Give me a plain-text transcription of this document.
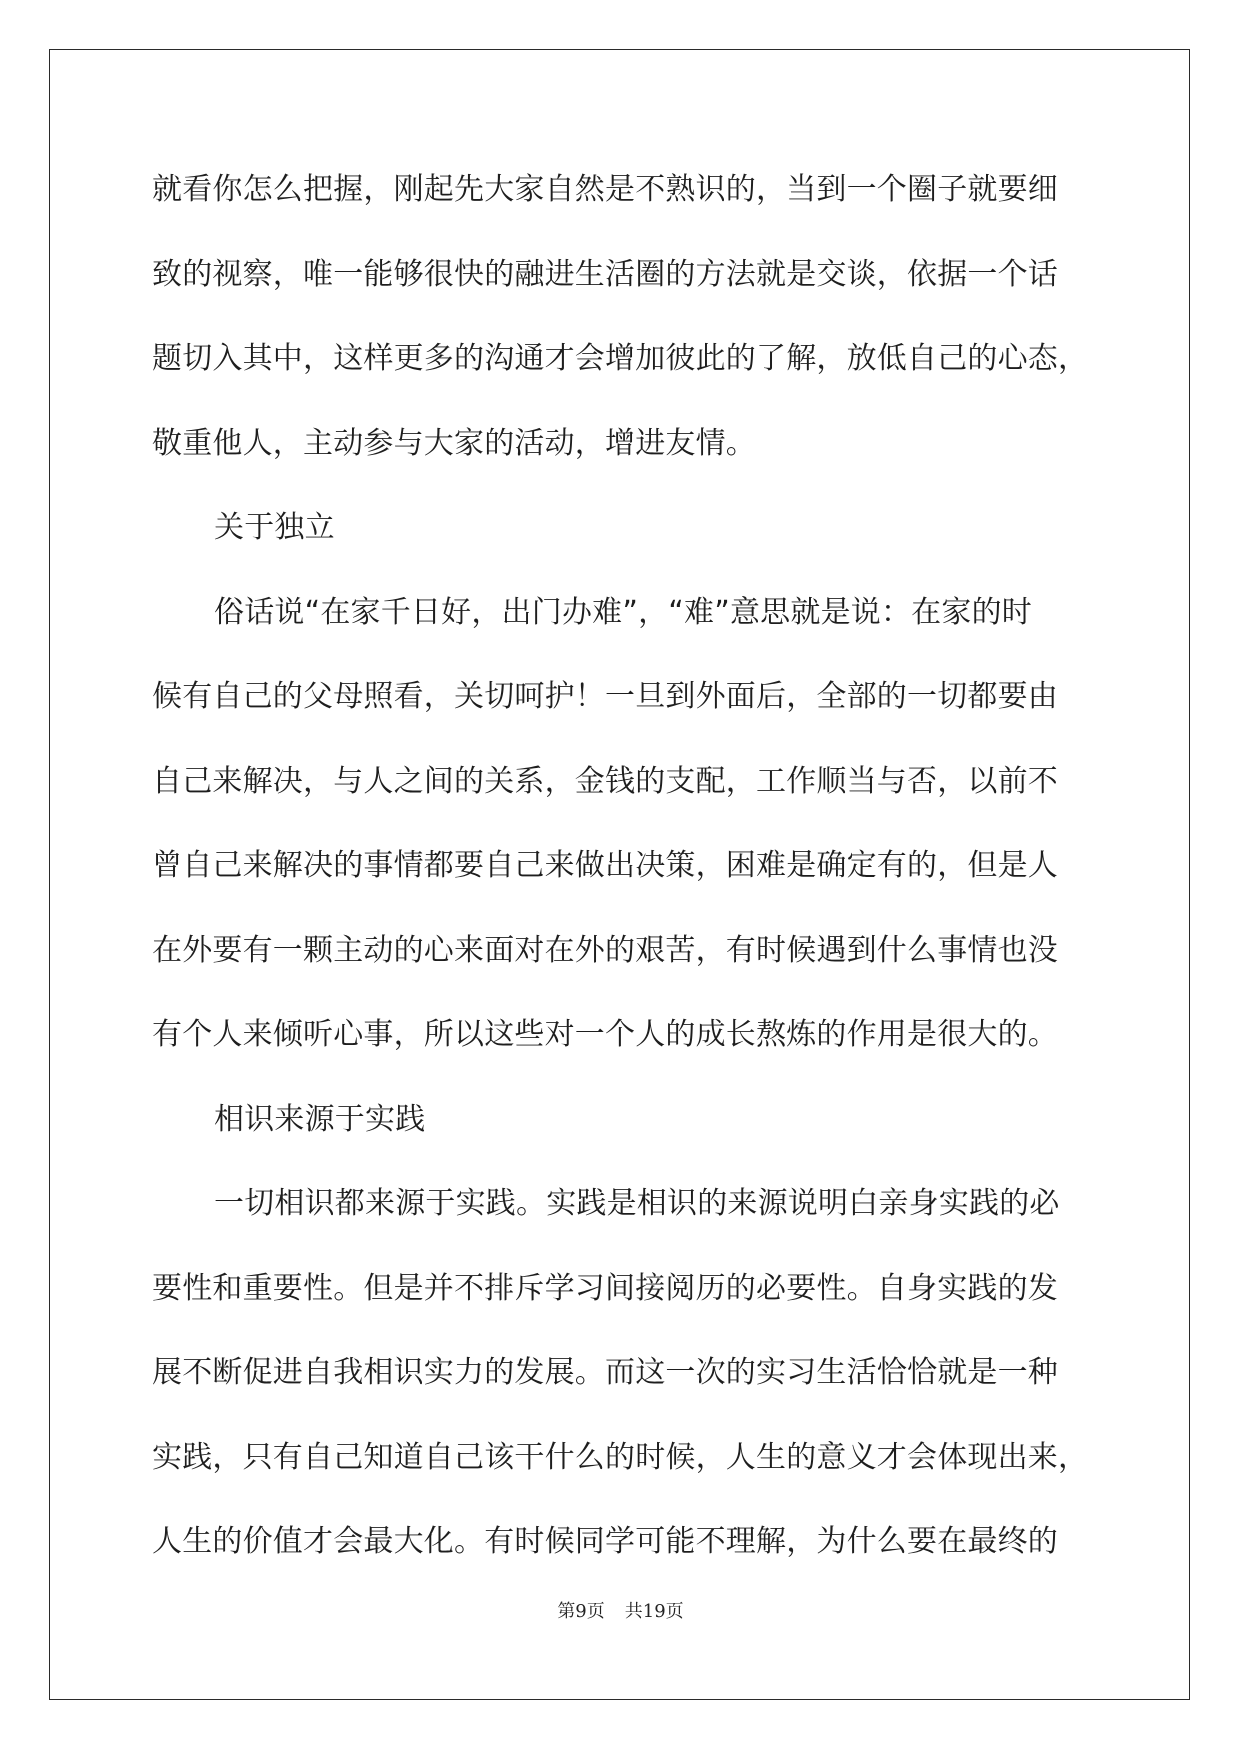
就看你怎么把握，刚起先大家自然是不熟识的，当到一个圈子就要细
致的视察，唯一能够很快的融进生活圈的方法就是交谈，依据一个话
题切入其中，这样更多的沟通才会增加彼此的了解，放低自己的心态，
敬重他人，主动参与大家的活动，增进友情。
关于独立
俗话说“在家千日好，出门办难”，“难”意思就是说：在家的时
候有自己的父母照看，关切呵护！一旦到外面后，全部的一切都要由
自己来解决，与人之间的关系，金钱的支配，工作顺当与否，以前不
曾自己来解决的事情都要自己来做出决策，困难是确定有的，但是人
在外要有一颗主动的心来面对在外的艰苦，有时候遇到什么事情也没
有个人来倾听心事，所以这些对一个人的成长熬炼的作用是很大的。
相识来源于实践
一切相识都来源于实践。实践是相识的来源说明白亲身实践的必
要性和重要性。但是并不排斥学习间接阅历的必要性。自身实践的发
展不断促进自我相识实力的发展。而这一次的实习生活恰恰就是一种
实践，只有自己知道自己该干什么的时候，人生的意义才会体现出来，
人生的价值才会最大化。有时候同学可能不理解，为什么要在最终的
第9页 共19页
